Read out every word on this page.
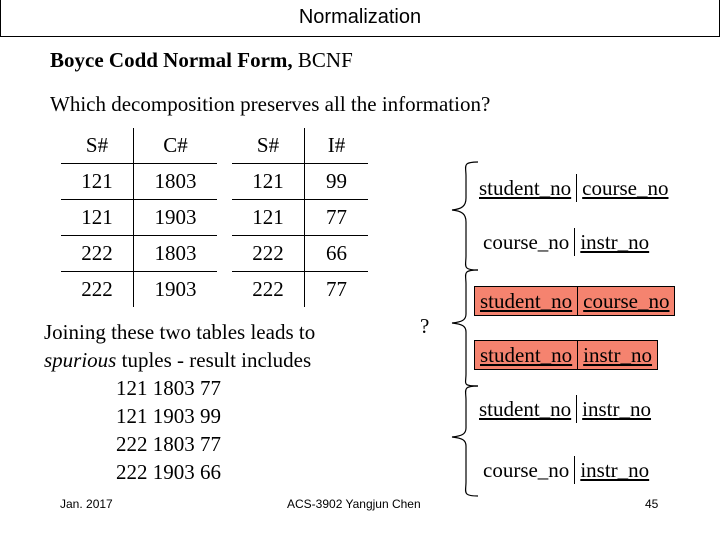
Normalization
Boyce Codd Normal Form, BCNF
Which decomposition preserves all the information?
S#	C#
121	1803
121	1903
222	1803
222	1903
S#	I#
121	99
121	77
222	66
222	77
Joining these two tables leads to
spurious tuples - result includes
121 1803 77
121 1903 99
222 1803 77
222 1903 66
?
student_no course_no
course_no instr_no
student_no course_no
student_no instr_no
student_no instr_no
course_no instr_no
Jan. 2017	ACS-3902 Yangjun Chen	45
